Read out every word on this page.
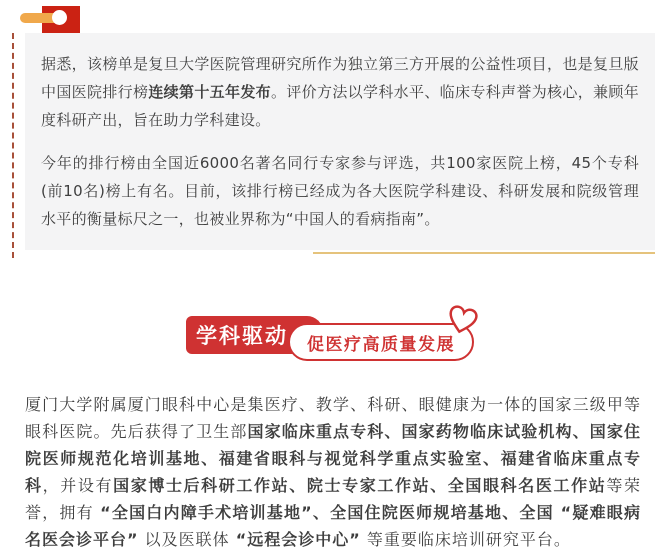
据悉，该榜单是复旦大学医院管理研究所作为独立第三方开展的公益性项目，也是复旦版中国医院排行榜连续第十五年发布。评价方法以学科水平、临床专科声誉为核心，兼顾年度科研产出，旨在助力学科建设。

今年的排行榜由全国近6000名著名同行专家参与评选，共100家医院上榜，45个专科(前10名)榜上有名。目前，该排行榜已经成为各大医院学科建设、科研发展和院级管理水平的衡量标尺之一，也被业界称为“中国人的看病指南”。

学科驱动 促医疗高质量发展

厦门大学附属厦门眼科中心是集医疗、教学、科研、眼健康为一体的国家三级甲等眼科医院。先后获得了卫生部国家临床重点专科、国家药物临床试验机构、国家住院医师规范化培训基地、福建省眼科与视觉科学重点实验室、福建省临床重点专科，并设有国家博士后科研工作站、院士专家工作站、全国眼科名医工作站等荣誉，拥有 “全国白内障手术培训基地”、全国住院医师规培基地、全国 “疑难眼病名医会诊平台” 以及医联体 “远程会诊中心” 等重要临床培训研究平台。
